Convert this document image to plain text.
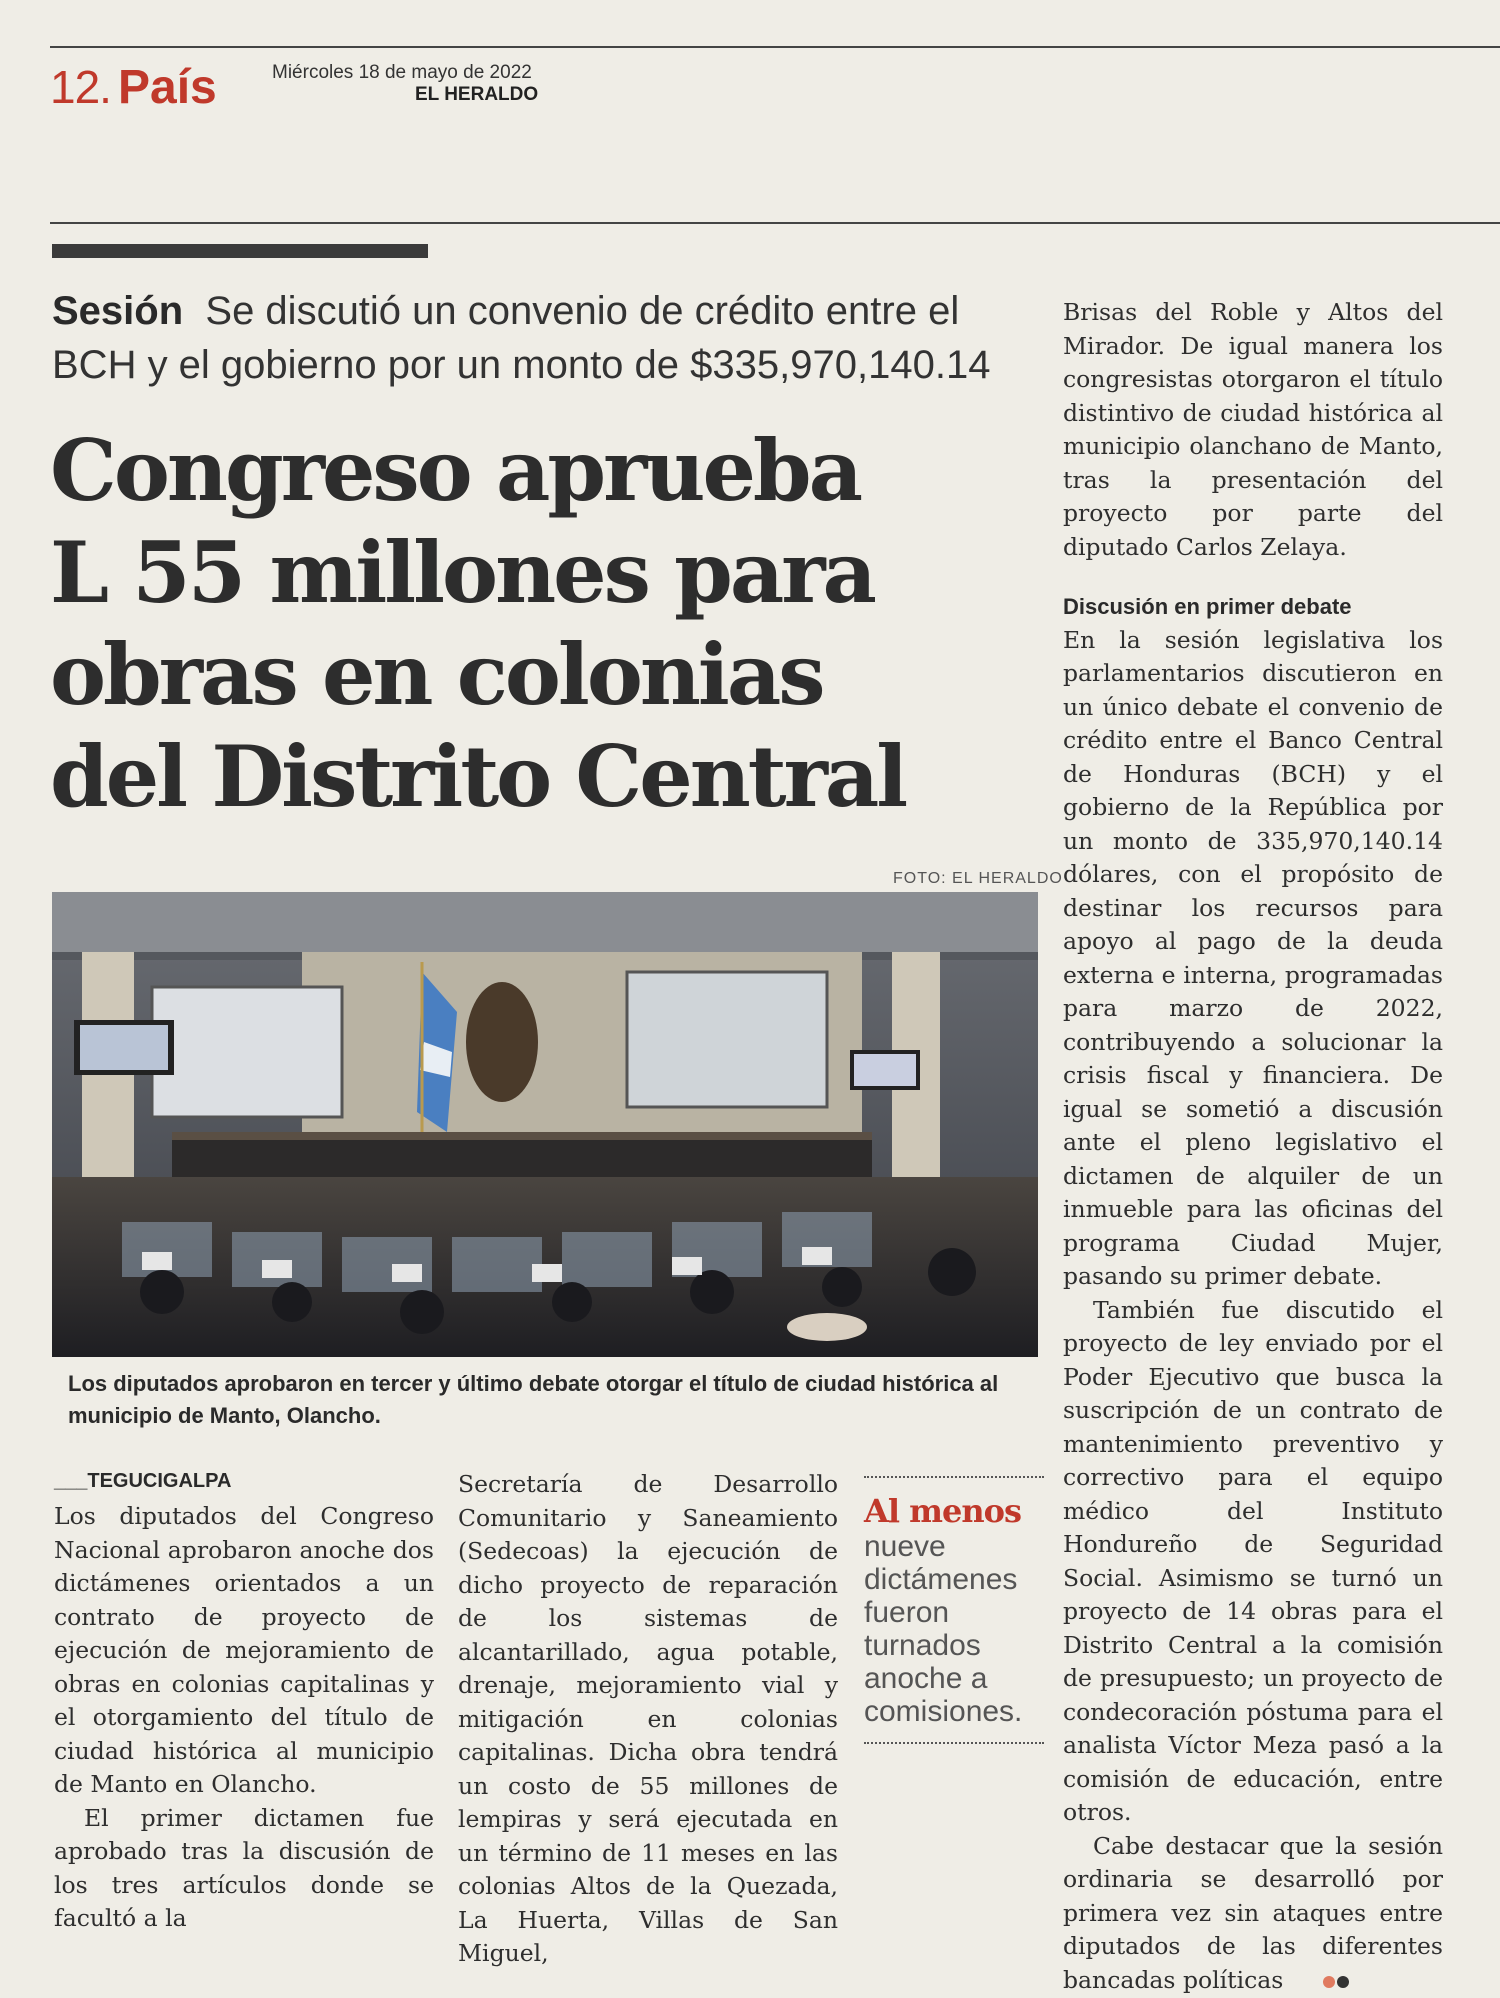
12. País	Miércoles 18 de mayo de 2022
EL HERALDO
Sesión Se discutió un convenio de crédito entre el
BCH y el gobierno por un monto de $335,970,140.14
Congreso aprueba
L 55 millones para
obras en colonias
del Distrito Central
FOTO: EL HERALDO
Los diputados aprobaron en tercer y último debate otorgar el título de ciudad histórica al municipio de Manto, Olancho.
___TEGUCIGALPA

Los diputados del Congreso Nacional aprobaron anoche dos dictámenes orientados a un contrato de proyecto de ejecución de mejoramiento de obras en colonias capitalinas y el otorgamiento del título de ciudad histórica al municipio de Manto en Olancho.

El primer dictamen fue aprobado tras la discusión de los tres artículos donde se facultó a la

Secretaría de Desarrollo Comunitario y Saneamiento (Sedecoas) la ejecución de dicho proyecto de reparación de los sistemas de alcantarillado, agua potable, drenaje, mejoramiento vial y mitigación en colonias capitalinas. Dicha obra tendrá un costo de 55 millones de lempiras y será ejecutada en un término de 11 meses en las colonias Altos de la Quezada, La Huerta, Villas de San Miguel,

Al menos
nueve
dictámenes
fueron
turnados
anoche a
comisiones.

Brisas del Roble y Altos del Mirador. De igual manera los congresistas otorgaron el título distintivo de ciudad histórica al municipio olanchano de Manto, tras la presentación del proyecto por parte del diputado Carlos Zelaya.

Discusión en primer debate

En la sesión legislativa los parlamentarios discutieron en un único debate el convenio de crédito entre el Banco Central de Honduras (BCH) y el gobierno de la República por un monto de 335,970,140.14 dólares, con el propósito de destinar los recursos para apoyo al pago de la deuda externa e interna, programadas para marzo de 2022, contribuyendo a solucionar la crisis fiscal y financiera. De igual se sometió a discusión ante el pleno legislativo el dictamen de alquiler de un inmueble para las oficinas del programa Ciudad Mujer, pasando su primer debate.

También fue discutido el proyecto de ley enviado por el Poder Ejecutivo que busca la suscripción de un contrato de mantenimiento preventivo y correctivo para el equipo médico del Instituto Hondureño de Seguridad Social. Asimismo se turnó un proyecto de 14 obras para el Distrito Central a la comisión de presupuesto; un proyecto de condecoración póstuma para el analista Víctor Meza pasó a la comisión de educación, entre otros.

Cabe destacar que la sesión ordinaria se desarrolló por primera vez sin ataques entre diputados de las diferentes bancadas políticas
